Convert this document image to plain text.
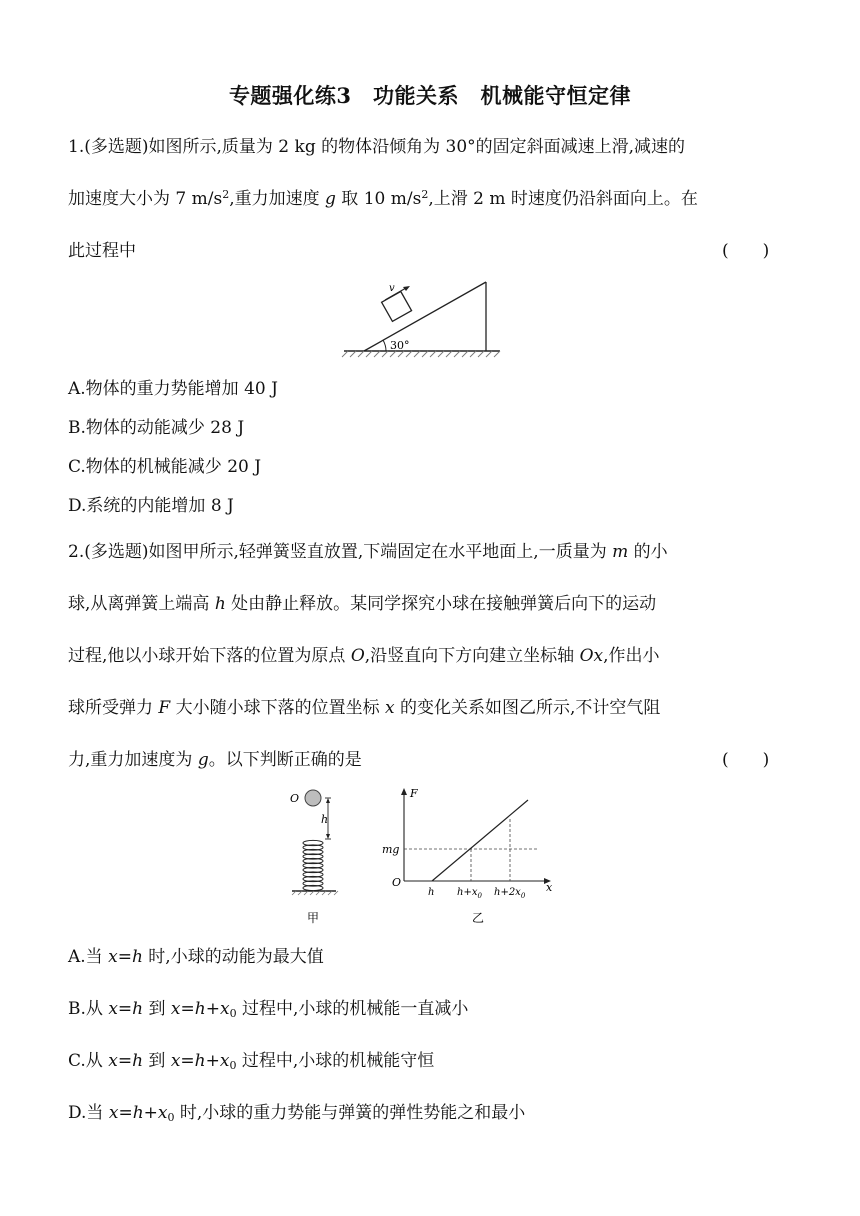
专题强化练3　功能关系　机械能守恒定律
1.(多选题)如图所示,质量为 2 kg 的物体沿倾角为 30°的固定斜面减速上滑,减速的
加速度大小为 7 $m/s^2$,重力加速度 g 取 10 $m/s^2$,上滑 2 m 时速度仍沿斜面向上。在
此过程中	(　　)
v
30°
A.物体的重力势能增加 40 J
B.物体的动能减少 28 J
C.物体的机械能减少 20 J
D.系统的内能增加 8 J
2.(多选题)如图甲所示,轻弹簧竖直放置,下端固定在水平地面上,一质量为 m 的小
球,从离弹簧上端高 h 处由静止释放。某同学探究小球在接触弹簧后向下的运动
过程,他以小球开始下落的位置为原点 O,沿竖直向下方向建立坐标轴 Ox,作出小
球所受弹力 F 大小随小球下落的位置坐标 x 的变化关系如图乙所示,不计空气阻
力,重力加速度为 g。以下判断正确的是	(　　)
O
h
甲
F
x
O
mg
h $h+x_0$ $h+2x_0$
乙
A.当 x=h 时,小球的动能为最大值
B.从 x=h 到 $x=h+x_0$ 过程中,小球的机械能一直减小
C.从 x=h 到 $x=h+x_0$ 过程中,小球的机械能守恒
D.当 $x=h+x_0$ 时,小球的重力势能与弹簧的弹性势能之和最小
